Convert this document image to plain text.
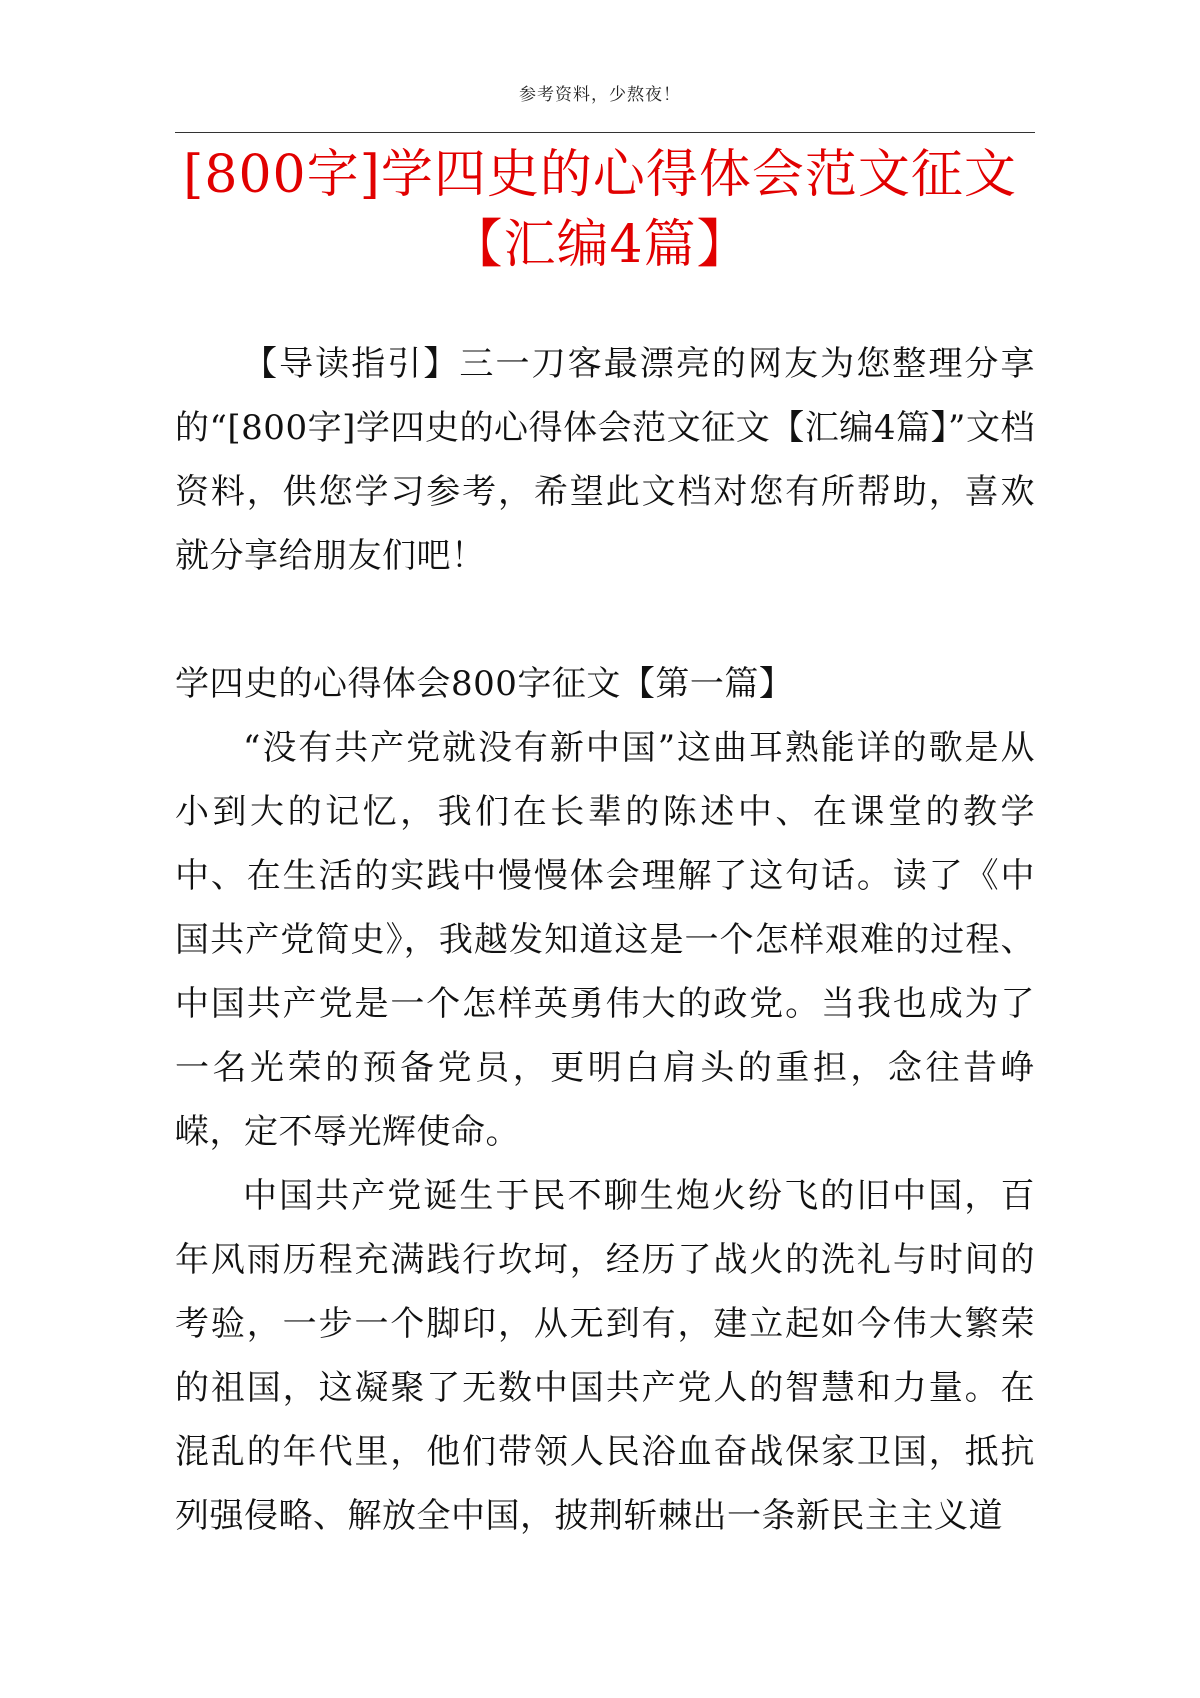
参考资料，少熬夜！
[800字]学四史的心得体会范文征文【汇编4篇】

【导读指引】三一刀客最漂亮的网友为您整理分享的“[800字]学四史的心得体会范文征文【汇编4篇】”文档资料，供您学习参考，希望此文档对您有所帮助，喜欢就分享给朋友们吧！

学四史的心得体会800字征文【第一篇】

“没有共产党就没有新中国”这曲耳熟能详的歌是从小到大的记忆，我们在长辈的陈述中、在课堂的教学中、在生活的实践中慢慢体会理解了这句话。读了《中国共产党简史》，我越发知道这是一个怎样艰难的过程、中国共产党是一个怎样英勇伟大的政党。当我也成为了一名光荣的预备党员，更明白肩头的重担，念往昔峥嵘，定不辱光辉使命。

中国共产党诞生于民不聊生炮火纷飞的旧中国，百年风雨历程充满践行坎坷，经历了战火的洗礼与时间的考验，一步一个脚印，从无到有，建立起如今伟大繁荣的祖国，这凝聚了无数中国共产党人的智慧和力量。在混乱的年代里，他们带领人民浴血奋战保家卫国，抵抗列强侵略、解放全中国，披荆斩棘出一条新民主主义道
